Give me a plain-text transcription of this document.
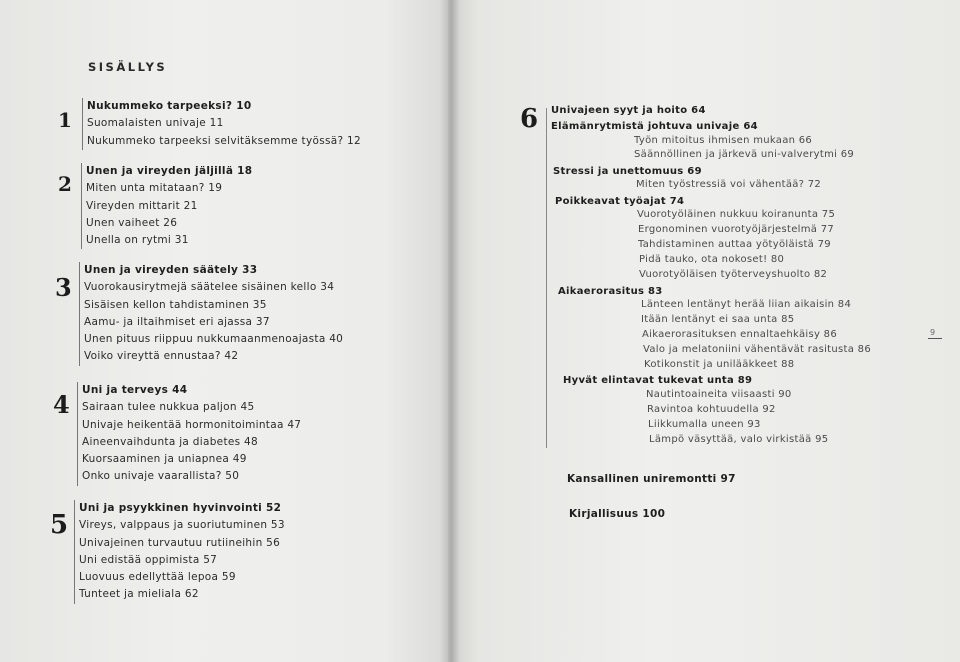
SISÄLLYS
1
Nukummeko tarpeeksi? 10
Suomalaisten univaje 11
Nukummeko tarpeeksi selvitäksemme työssä? 12
2
Unen ja vireyden jäljillä 18
Miten unta mitataan? 19
Vireyden mittarit 21
Unen vaiheet 26
Unella on rytmi 31
3
Unen ja vireyden säätely 33
Vuorokausirytmejä säätelee sisäinen kello 34
Sisäisen kellon tahdistaminen 35
Aamu- ja iltaihmiset eri ajassa 37
Unen pituus riippuu nukkumaanmenoajasta 40
Voiko vireyttä ennustaa? 42
4 Uni ja terveys 44
Sairaan tulee nukkua paljon 45
Univaje heikentää hormonitoimintaa 47
Aineenvaihdunta ja diabetes 48
Kuorsaaminen ja uniapnea 49
Onko univaje vaarallista? 50
5
Uni ja psyykkinen hyvinvointi 52
Vireys, valppaus ja suoriutuminen 53
Univajeinen turvautuu rutiineihin 56
Uni edistää oppimista 57
Luovuus edellyttää lepoa 59
Tunteet ja mieliala 62
6 Univajeen syyt ja hoito 64
Elämänrytmistä johtuva univaje 64
Työn mitoitus ihmisen mukaan 66
Säännöllinen ja järkevä uni-valverytmi 69
Stressi ja unettomuus 69
Miten työstressiä voi vähentää? 72
Poikkeavat työajat 74
Vuorotyöläinen nukkuu koiranunta 75
Ergonominen vuorotyöjärjestelmä 77
Tahdistaminen auttaa yötyöläistä 79
Pidä tauko, ota nokoset! 80
Vuorotyöläisen työterveyshuolto 82
Aikaerorasitus 83
Länteen lentänyt herää liian aikaisin 84
Itään lentänyt ei saa unta 85
Aikaerorasituksen ennaltaehkäisy 86
Valo ja melatoniini vähentävät rasitusta 86
Kotikonstit ja unilääkkeet 88
Hyvät elintavat tukevat unta 89
Nautintoaineita viisaasti 90
Ravintoa kohtuudella 92
Liikkumalla uneen 93
Lämpö väsyttää, valo virkistää 95
Kansallinen uniremontti 97
Kirjallisuus 100
9
